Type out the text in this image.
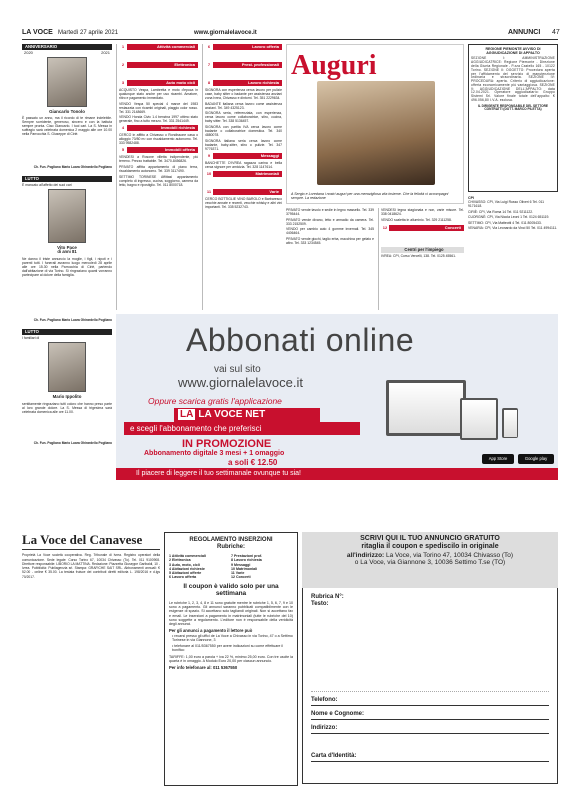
LA VOCE Martedì 27 aprile 2021	www.giornalelavoce.it	ANNUNCI 47
ANNIVERSARIO
2020	2021
Giancarlo Tonolo
È passato un anno, ma il ricordo di te rimane indelebile. Sempre sorridente, generoso, sincero e con la battuta sempre pronta. Ciao Giancarlo. I tuoi cari. La S. Messa in suffragio sarà celebrata domenica 2 maggio alle ore 10.00 nella Parrocchia S. Giuseppe di Ciriè.
Ch. Fun. Pogliano Mario Luara Ghirardello Pogliano
LUTTO
È mancato all'affetto dei suoi cari
Vito Pace
di anni 81
Ne danno il triste annuncio la moglie, i figli, i nipoti e i parenti tutti. I funerali avranno luogo mercoledì 28 aprile alle ore 15.30 nella Parrocchia di Ciriè, partendo dall'abitazione di via Torino. Si ringraziano quanti vorranno partecipare al dolore della famiglia.
Ch. Fun. Pogliano Mario Luara Ghirardello Pogliano
LUTTO
I familiari di
Mario Ippolito
sentitamente ringraziano tutti coloro che hanno preso parte al loro grande dolore. La S. Messa di trigesima sarà celebrata domenica alle ore 11.00.
Ch. Fun. Pogliano Mario Luara Ghirardello Pogliano
1	Attività commerciali
2	Elettronica
3	Auto moto cicli

ACQUISTO Vespa, Lambretta e moto d'epoca in qualunque stato anche per uso ricambi. Amatore, ritiro e pagamento immediato.

VENDO Vespa 50 special 4 marce del 1983 restaurata con ricambi originali, piaggio color rosso. Tel. 331 2148669.

VENDO Honda Civic 1.4 benzina 1997 ottimo stato generale, fino a tutto mezzo. Tel. 331 2541449.

4	Immobili richiesta

CERCO in affitto a Chivasso o Rondissone casa o alloggio 70/80 m² con riscaldamento autonomo. Tel. 333 9582488.

5	Immobili offerta

VENDESI a Rosone villetta indipendente, più terreno. Prezzo trattabile. Tel. 3470-8456826.

PRIVATO affitta appartamento di piano terra, riscaldamento autonomo. Tel. 339 3117490.

SETTIMO TORINESE Affittasi appartamento completo di ingresso, cucina, soggiorno, camera da letto, bagno e ripostiglio. Tel. 011 8000718.

6	Lavoro offerta
7	Prest. professionali
8	Lavoro richiesta

SIGNORA con esperienza cerca lavoro per pulizie case, baby sitter o badante per assistenza anziani zona Ivrea, Chivasso e dintorni. Tel. 351 2229634.

BADANTE italiana cerca lavoro come assistenza anziani. Tel. 349 4325123.

SIGNORA seria, referenziata, con esperienza, cerca lavoro come collaboratrice, stiro, cucina, baby sitter. Tel. 338 5136457.

SIGNORA con partita IVA cerca lavoro come badante o collaboratrice domestica. Tel. 340 4880078.

SIGNORA italiana seria cerca lavoro come badante, baby-sitter, stiro o pulizie. Tel. 347 9776371.

9	Messaggi

BANCHETTE D'IVREA ragazza carina e bella cerca signore per amicizia. Tel. 328 1147614.

10	Matrimoniali
11	Varie

CERCO BOTTIGLIE VINO BAROLO e Barbaresco vecchie annate e recenti, vecchie whisky e altri vini importanti. Tel. 335 5232743.

Auguri
A Sergio e Loredana i nostri auguri per una meravigliosa vita insieme. Che la felicità vi accompagni sempre. La redazione

PRIVATO vende tavolo e sedie in legno massello. Tel. 339 3795444.

PRIVATO vende divano, letto e armadio da camera. Tel. 333 2152509.

VENDO per cambio auto 4 gomme invernali. Tel. 345 4406464.

PRIVATO vende giochi, taglio erba, macchina per gelato e altro. Tel. 333 1234545.

VENDESI legna stagionata e non, varie misure. Tel. 338 0418624.
VENDO scaletta in alluminio. Tel. 329 2111258.
12	Concerti
Centri per l'impiego
IVREA: CPI, Corso Vercelli, 138. Tel. 0125 45561.
REGIONE PIEMONTE AVVISO DI AGGIUDICAZIONE DI APPALTO
SEZIONE I: AMMINISTRAZIONE AGGIUDICATRICE: Regione Piemonte - Direzione della Giunta Regionale - P.zza Castello 165 - 10122 Torino. SEZIONE II: OGGETTO: Procedura aperta per l'affidamento del servizio di manutenzione ordinaria e straordinaria. SEZIONE IV: PROCEDURA: aperta. Criterio di aggiudicazione: offerta economicamente più vantaggiosa. SEZIONE V: AGGIUDICAZIONE DELL'APPALTO: data 12.04.2021. Operatore aggiudicatario: Gruppo Sistemi Srl. Valore finale totale dell'appalto: € 496.056,80 I.V.A. esclusa.
IL DIRIGENTE RESPONSABILE DEL SETTORE CONTRATTI (DOTT. MARCO PILETTA)
CPI
CHIVASSO: CPI, Via Luigi Russo Oliveri 6 Tel. 011 9171618.
CIRIÈ: CPI, Via Roma 14 Tel. 011 9211122.
CUORGNÈ: CPI, Via Nicola Leoni 1 Tel. 0124 651119.
SETTIMO: CPI, Via Matteotti 4 Tel. 011 8005433.
VENARIA: CPI, Via Leonardo da Vinci 50 Tel. 011 4994111.
Abbonati online
vai sul sito
www.giornalelavoce.it
Oppure scarica gratis l'applicazione
LA LA VOCE NET
e scegli l'abbonamento che preferisci
IN PROMOZIONE
Abbonamento digitale 3 mesi + 1 omaggio
a soli € 12.50
Il piacere di leggere il tuo settimanale ovunque tu sia!
App Store	Google play
La Voce del Canavese
Proprietà La Voce società cooperativa. Reg. Tribunale di Ivrea. Registro operatori della comunicazione. Sede legale: Corso Torino 67, 10034 Chivasso (To). Tel. 011 9100908. Direttore responsabile: LIBORIO LA MATTINA. Redazione: Piazzetta Giuseppe Garibaldi, 10 - Ivrea. Pubblicità: Publiagenzia srl. Stampa: GRAFICHE SAIT SRL. Abbonamenti annuali: € 52.00 - online € 35.00. La testata fruisce dei contributi diretti editoria L. 198/2016 e d.lgs 70/2017.
REGOLAMENTO INSERZIONI
Rubriche:
1 Attività commerciali
2 Elettronica
3 Auto, moto, cicli
4 Abitazioni richieste
5 Abitazioni offerte
6 Lavoro offerta
7 Prestazioni prof.
8 Lavoro richiesta
9 Messaggi
10 Matrimoniali
11 Varie
12 Concerti
Il coupon è valido solo per una settimana
Le rubriche 1, 2, 3, 4, 8 e 11 sono gratuite mentre le rubriche 1, 5, 6, 7, 9 e 10 sono a pagamento. Gli annunci saranno pubblicati compatibilmente con le esigenze di spazio. Si accettano solo tagliandi originali. Non si accettano fax e email. Le inserzioni a pagamento in matrimoniali (tutte le rubriche del 10) sono soggette a regolamento. L'editore non è responsabile della veridicità degli annunci.
Per gli annunci a pagamento il lettore può
• recarsi presso gli uffici de La Voce a Chivasso in via Torino, 47 o a Settimo Torinese in via Giannone, 3
• telefonare al 011/5367550 per avere indicazioni su come effettuare il bonifico
TARIFFE: 1,00 euro a parola + iva 22 %, minimo 25,00 euro. Con tre uscite la quarta è in omaggio. A Modulo Euro 20,00 per ciascun annuncio.
Per info telefonare al: 011 5367550
SCRIVI QUI IL TUO ANNUNCIO GRATUITO
ritaglia il coupon e spediscilo in originale
all'indirizzo: La Voce, via Torino 47, 10034 Chivasso (To)
o La Voce, via Giannone 3, 10036 Settimo T.se (TO)
Rubrica N°:
Testo:
Telefono:
Nome e Cognome:
Indirizzo:
Carta d'Identità:
